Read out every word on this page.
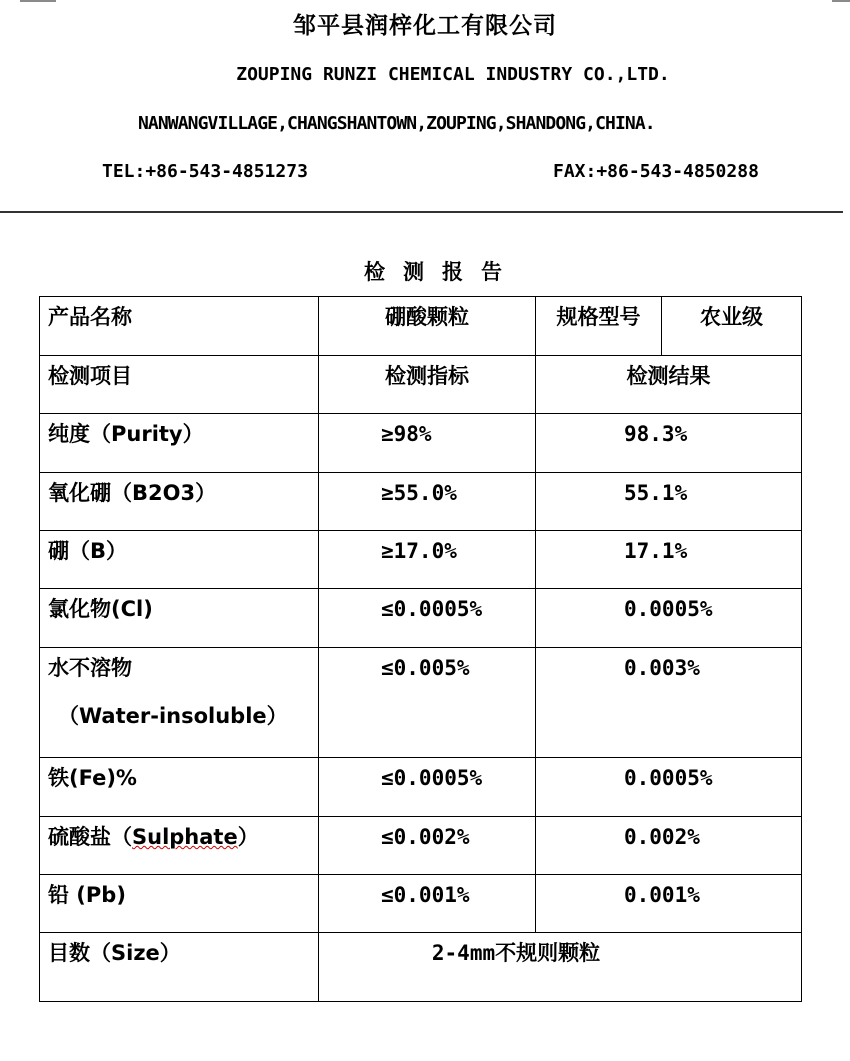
邹平县润梓化工有限公司
ZOUPING RUNZI CHEMICAL INDUSTRY CO.,LTD.
NANWANGVILLAGE,CHANGSHANTOWN,ZOUPING,SHANDONG,CHINA.
TEL:+86-543-4851273	FAX:+86-543-4850288
检测报告
产品名称	硼酸颗粒	规格型号	农业级
检测项目	检测指标	检测结果	
纯度（Purity）	≥98%	98.3%	
氧化硼（B2O3）	≥55.0%	55.1%	
硼（B）	≥17.0%	17.1%	
氯化物(Cl)	≤0.0005%	0.0005%	
水不溶物
（Water-insoluble）	≤0.005%	0.003%	
铁(Fe)%	≤0.0005%	0.0005%	
硫酸盐（Sulphate）	≤0.002%	0.002%	
铅 (Pb)	≤0.001%	0.001%	
目数（Size）	2-4mm不规则颗粒		
